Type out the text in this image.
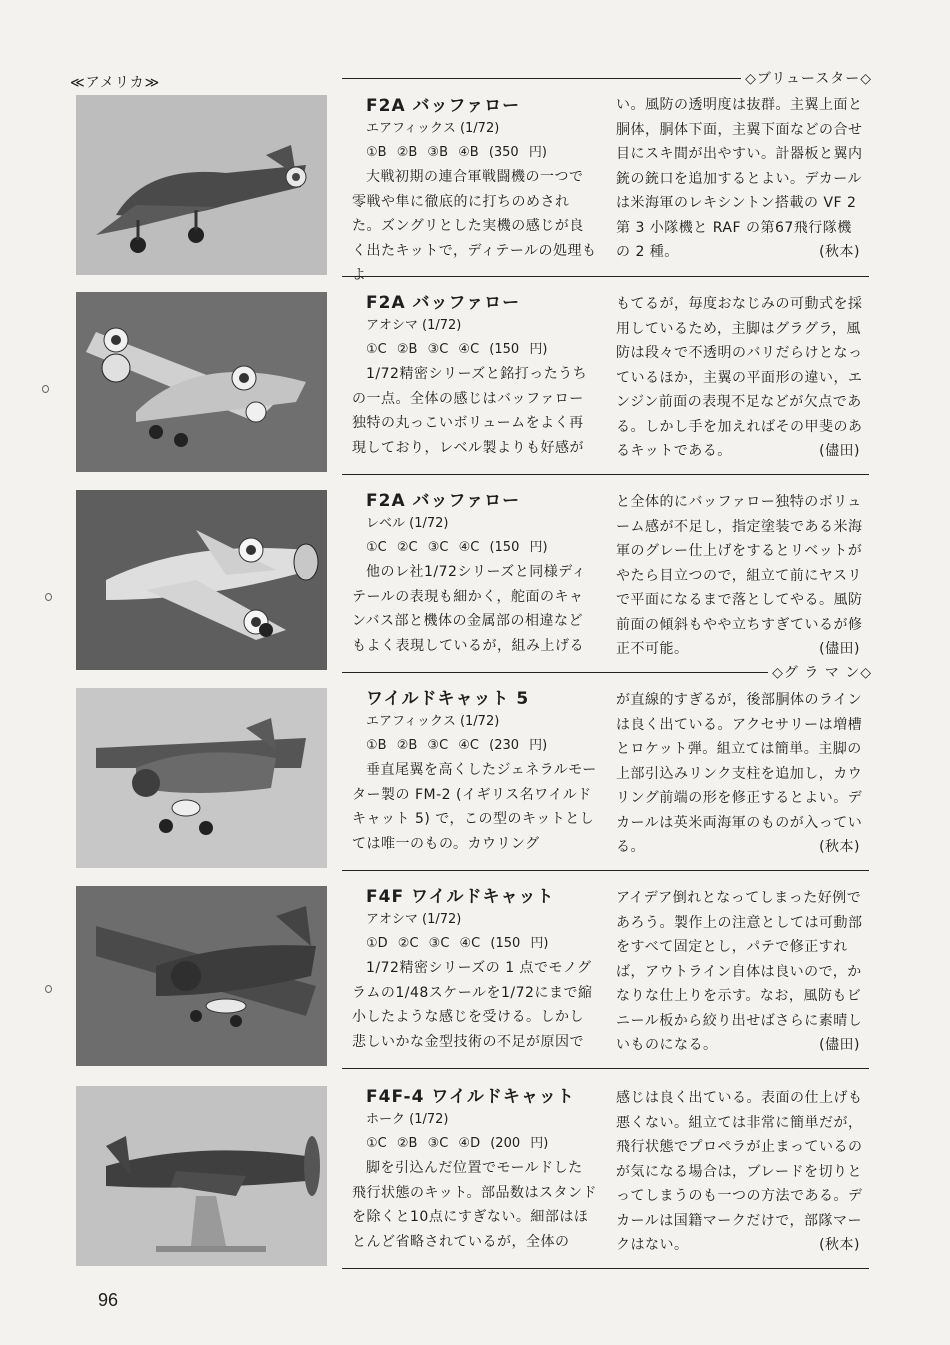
≪アメリカ≫	◇ブリュースター◇
◇グ ラ マ ン◇
F2A バッファロー
エアフィックス (1/72)
①B ②B ③B ④B (350 円)

大戦初期の連合軍戦闘機の一つで零戦や隼に徹底的に打ちのめされた。ズングリとした実機の感じが良く出たキットで，ディテールの処理もよ

い。風防の透明度は抜群。主翼上面と胴体，胴体下面，主翼下面などの合せ目にスキ間が出やすい。計器板と翼内銃の銃口を追加するとよい。デカールは米海軍のレキシントン搭載の VF 2 第 3 小隊機と RAF の第67飛行隊機の 2 種。	(秋本)

F2A バッファロー
アオシマ (1/72)
①C ②B ③C ④C (150 円)

1/72精密シリーズと銘打ったうちの一点。全体の感じはバッファロー独特の丸っこいボリュームをよく再現しており，レベル製よりも好感が

もてるが，毎度おなじみの可動式を採用しているため，主脚はグラグラ，風防は段々で不透明のバリだらけとなっているほか，主翼の平面形の違い，エンジン前面の表現不足などが欠点である。しかし手を加えればその甲斐のあるキットである。	(儘田)

F2A バッファロー
レベル (1/72)
①C ②C ③C ④C (150 円)

他のレ社1/72シリーズと同様ディテールの表現も細かく，舵面のキャンバス部と機体の金属部の相違などもよく表現しているが，組み上げる

と全体的にバッファロー独特のボリューム感が不足し，指定塗装である米海軍のグレー仕上げをするとリベットがやたら目立つので，組立て前にヤスリで平面になるまで落としてやる。風防前面の傾斜もやや立ちすぎているが修正不可能。	(儘田)

ワイルドキャット 5
エアフィックス (1/72)
①B ②B ③C ④C (230 円)

垂直尾翼を高くしたジェネラルモーター製の FM-2 (イギリス名ワイルドキャット 5) で，この型のキットとしては唯一のもの。カウリング

が直線的すぎるが，後部胴体のラインは良く出ている。アクセサリーは増槽とロケット弾。組立ては簡単。主脚の上部引込みリンク支柱を追加し，カウリング前端の形を修正するとよい。デカールは英米両海軍のものが入っている。	(秋本)

F4F ワイルドキャット
アオシマ (1/72)
①D ②C ③C ④C (150 円)

1/72精密シリーズの 1 点でモノグラムの1/48スケールを1/72にまで縮小したような感じを受ける。しかし悲しいかな金型技術の不足が原因で

アイデア倒れとなってしまった好例であろう。製作上の注意としては可動部をすべて固定とし，パテで修正すれば，アウトライン自体は良いので，かなりな仕上りを示す。なお，風防もビニール板から絞り出せばさらに素晴しいものになる。	(儘田)

F4F-4 ワイルドキャット
ホーク (1/72)
①C ②B ③C ④D (200 円)

脚を引込んだ位置でモールドした飛行状態のキット。部品数はスタンドを除くと10点にすぎない。細部はほとんど省略されているが，全体の

感じは良く出ている。表面の仕上げも悪くない。組立ては非常に簡単だが，飛行状態でプロペラが止まっているのが気になる場合は，ブレードを切りとってしまうのも一つの方法である。デカールは国籍マークだけで，部隊マークはない。	(秋本)

96
